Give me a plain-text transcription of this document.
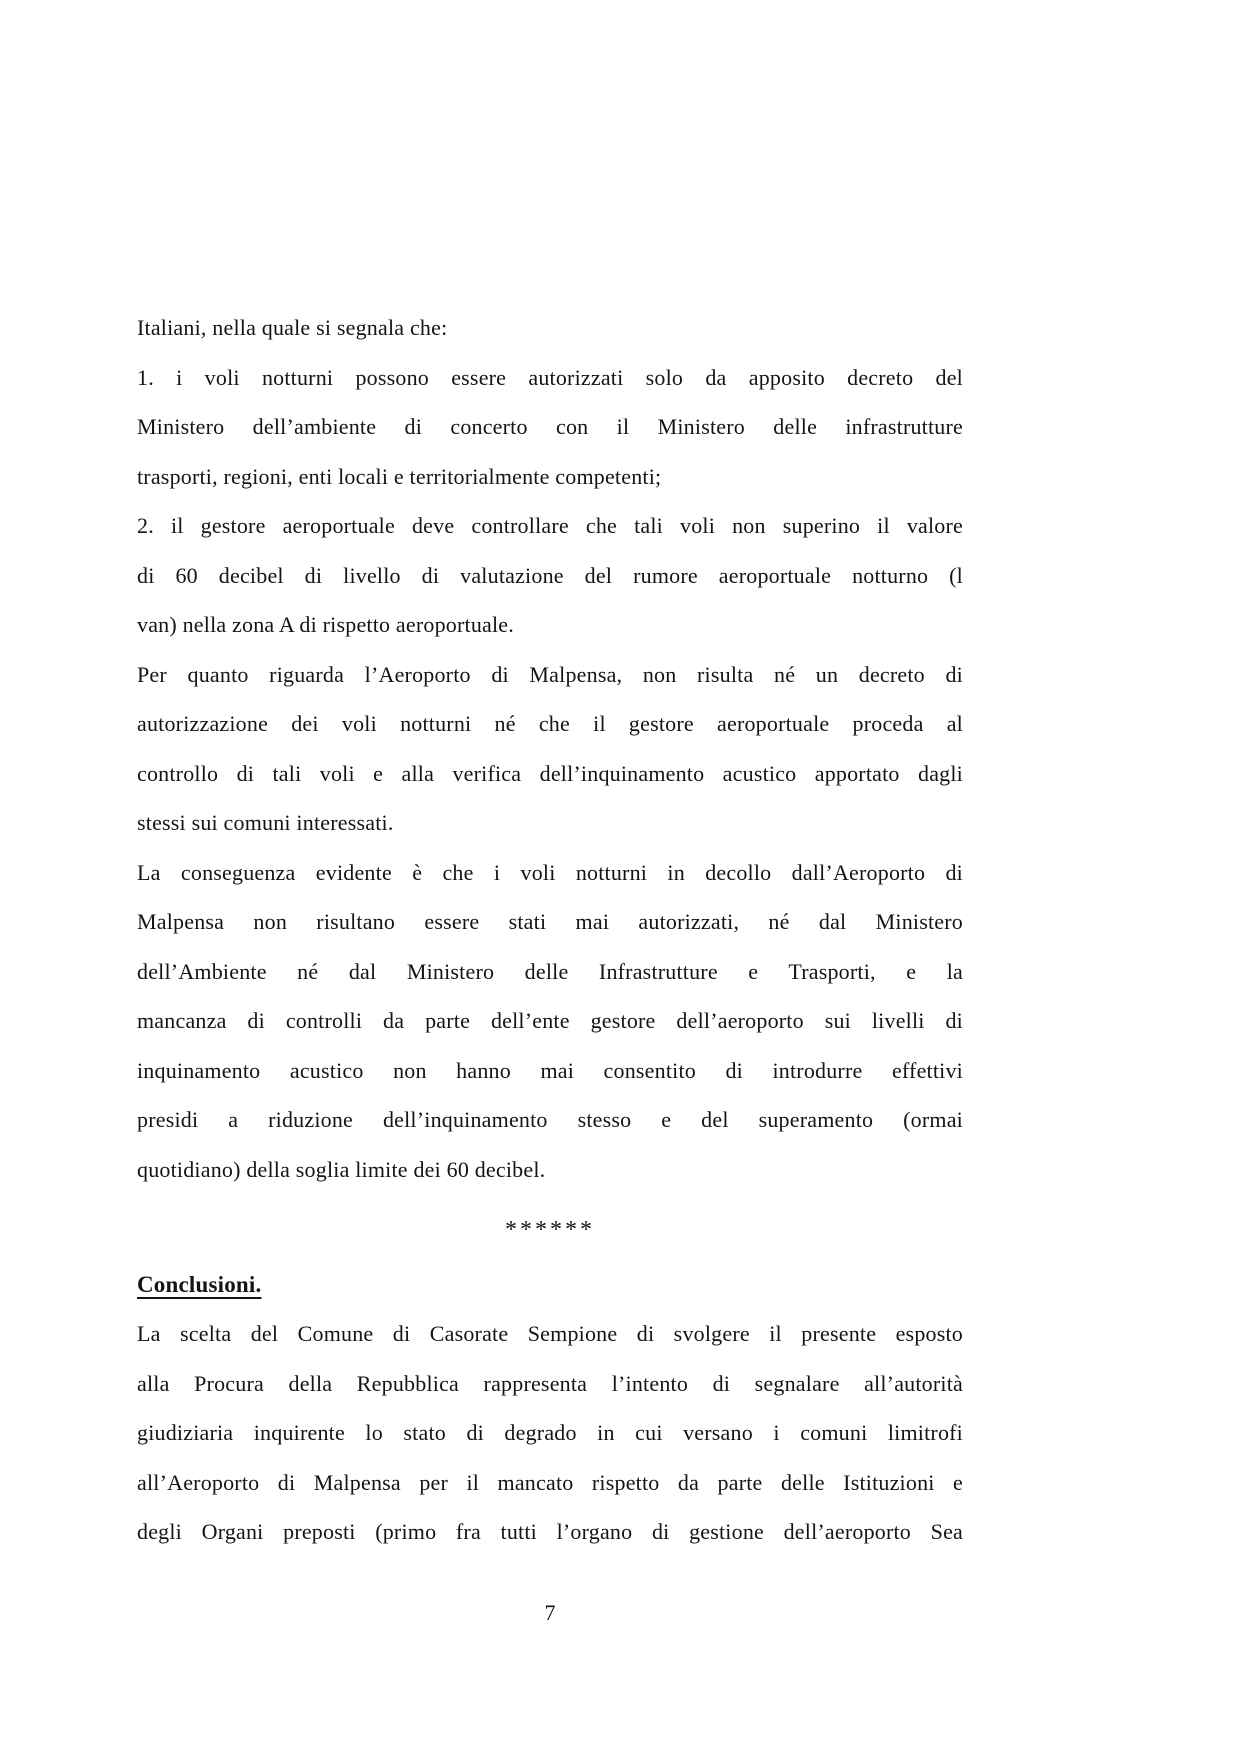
Italiani, nella quale si segnala che:
1. i voli notturni possono essere autorizzati solo da apposito decreto del
Ministero dell’ambiente di concerto con il Ministero delle infrastrutture
trasporti, regioni, enti locali e territorialmente competenti;
2. il gestore aeroportuale deve controllare che tali voli non superino il valore
di 60 decibel di livello di valutazione del rumore aeroportuale notturno (l
van) nella zona A di rispetto aeroportuale.
Per quanto riguarda l’Aeroporto di Malpensa, non risulta né un decreto di
autorizzazione dei voli notturni né che il gestore aeroportuale proceda al
controllo di tali voli e alla verifica dell’inquinamento acustico apportato dagli
stessi sui comuni interessati.
La conseguenza evidente è che i voli notturni in decollo dall’Aeroporto di
Malpensa non risultano essere stati mai autorizzati, né dal Ministero
dell’Ambiente né dal Ministero delle Infrastrutture e Trasporti, e la
mancanza di controlli da parte dell’ente gestore dell’aeroporto sui livelli di
inquinamento acustico non hanno mai consentito di introdurre effettivi
presidi a riduzione dell’inquinamento stesso e del superamento (ormai
quotidiano) della soglia limite dei 60 decibel.
******
Conclusioni.
La scelta del Comune di Casorate Sempione di svolgere il presente esposto
alla Procura della Repubblica rappresenta l’intento di segnalare all’autorità
giudiziaria inquirente lo stato di degrado in cui versano i comuni limitrofi
all’Aeroporto di Malpensa per il mancato rispetto da parte delle Istituzioni e
degli Organi preposti (primo fra tutti l’organo di gestione dell’aeroporto Sea
7
